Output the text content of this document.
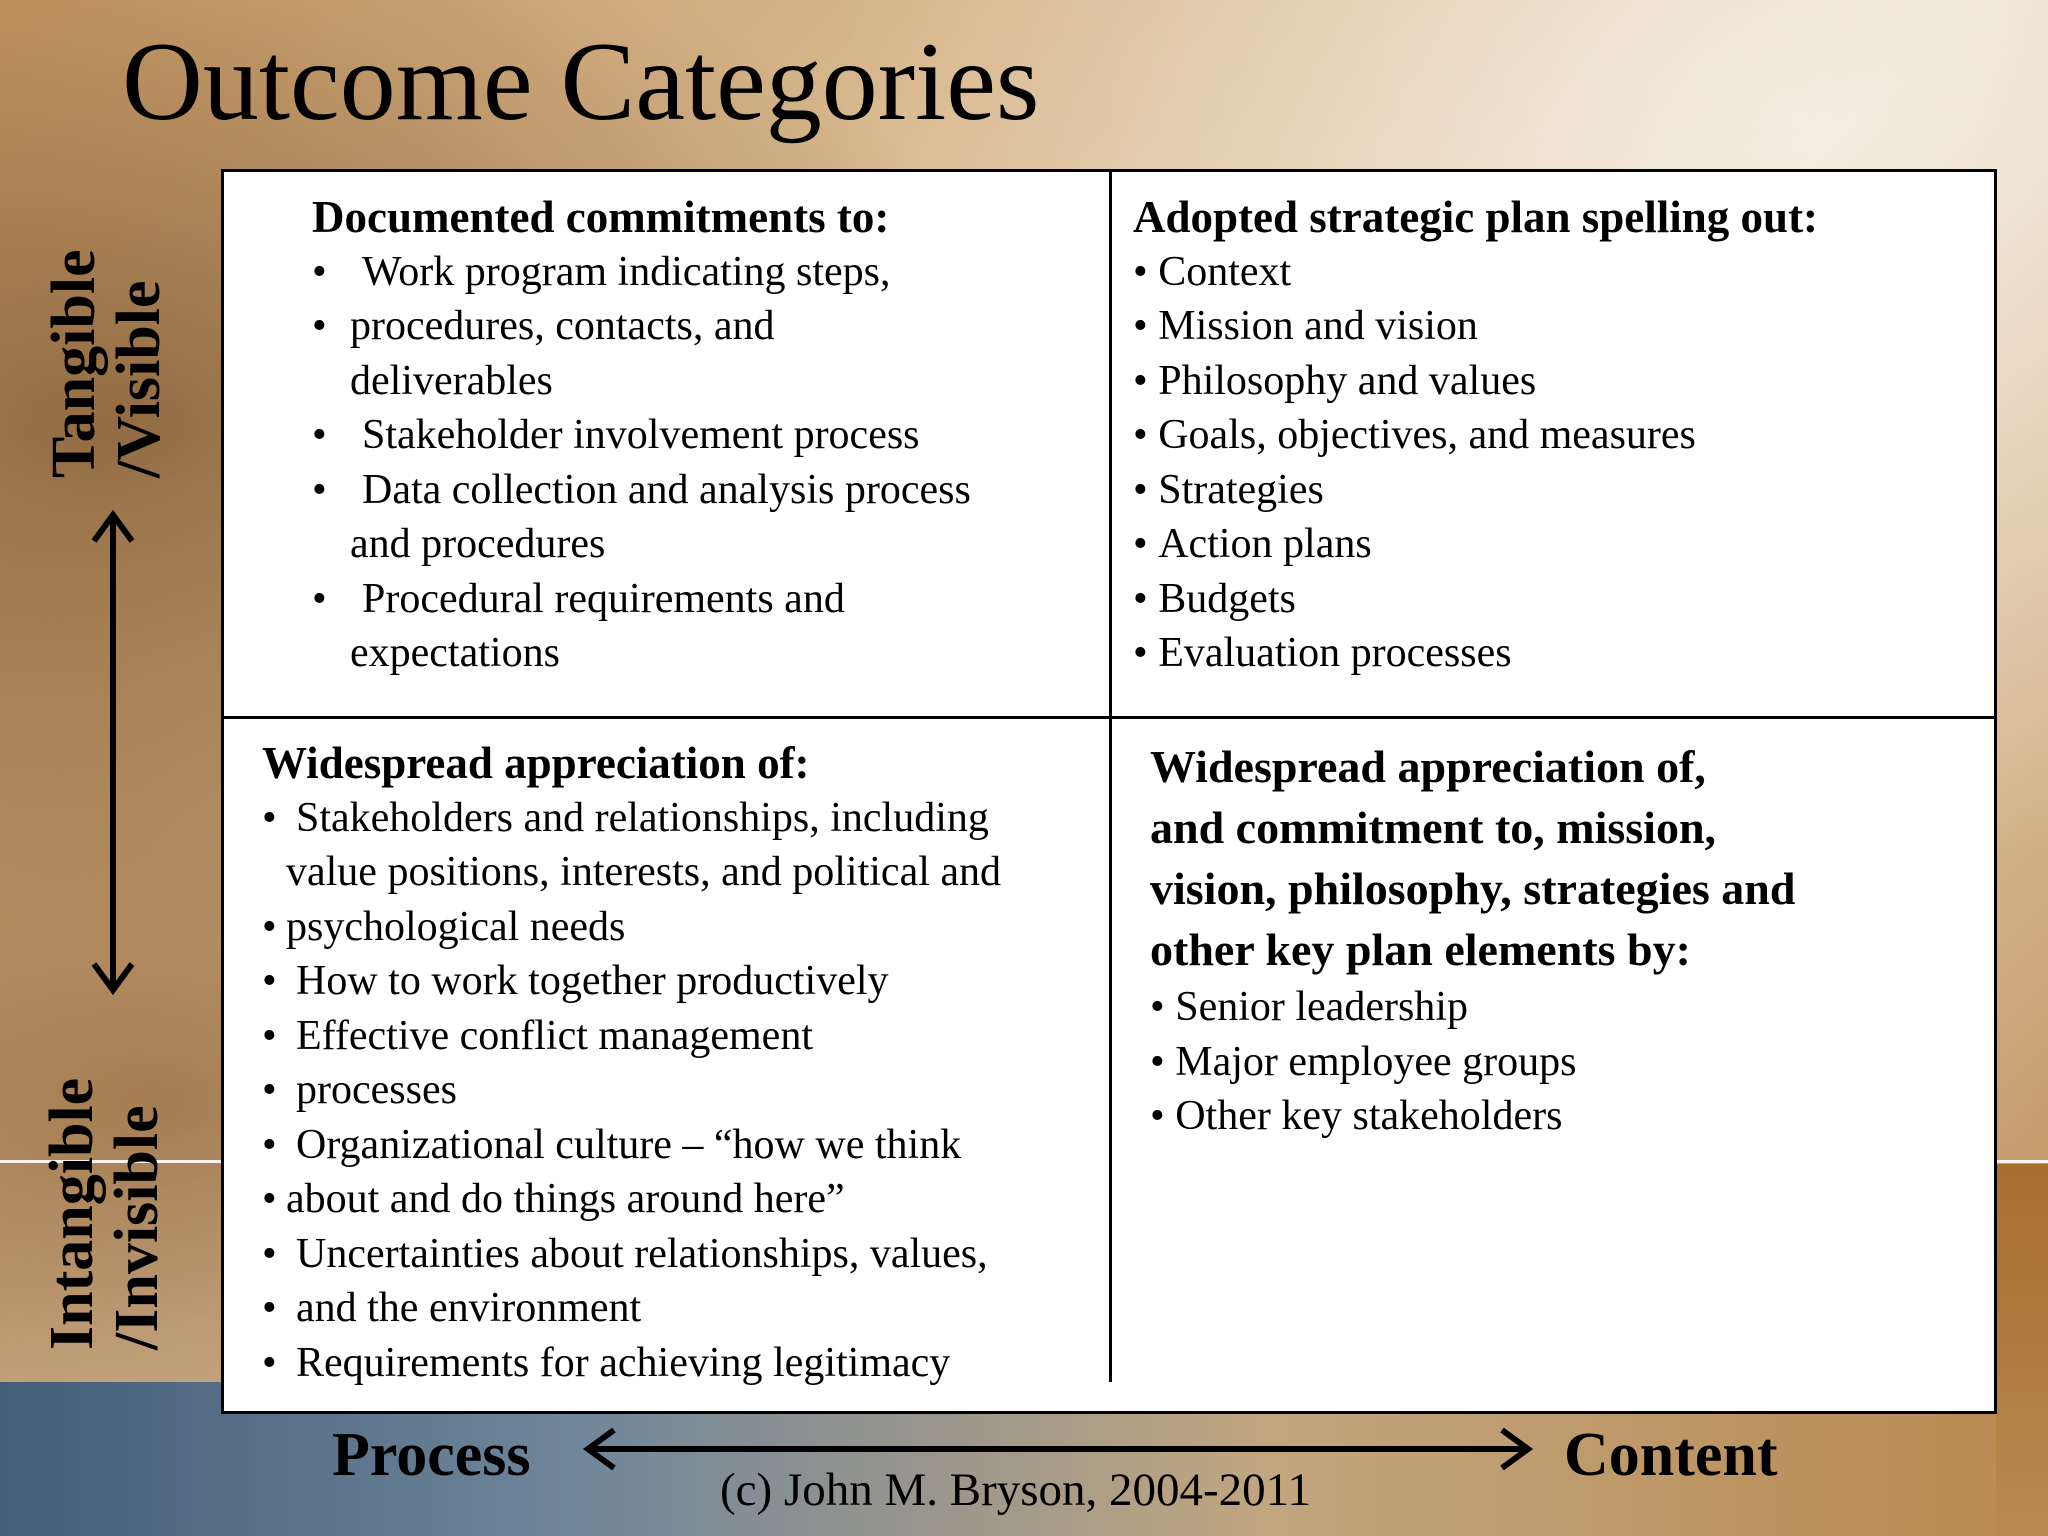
Outcome Categories
Tangible
/Visible
Intangible
/Invisible
Documented commitments to:
• Work program indicating steps,
• procedures, contacts, and
deliverables
• Stakeholder involvement process
• Data collection and analysis process
and procedures
• Procedural requirements and
expectations
Adopted strategic plan spelling out:
• Context
• Mission and vision
• Philosophy and values
• Goals, objectives, and measures
• Strategies
• Action plans
• Budgets
• Evaluation processes
Widespread appreciation of:
• Stakeholders and relationships, including
value positions, interests, and political and
• psychological needs
• How to work together productively
• Effective conflict management
• processes
• Organizational culture – “how we think
• about and do things around here”
• Uncertainties about relationships, values,
• and the environment
• Requirements for achieving legitimacy
Widespread appreciation of,
and commitment to, mission,
vision, philosophy, strategies and
other key plan elements by:
• Senior leadership
• Major employee groups
• Other key stakeholders
Process	Content
(c) John M. Bryson, 2004-2011
